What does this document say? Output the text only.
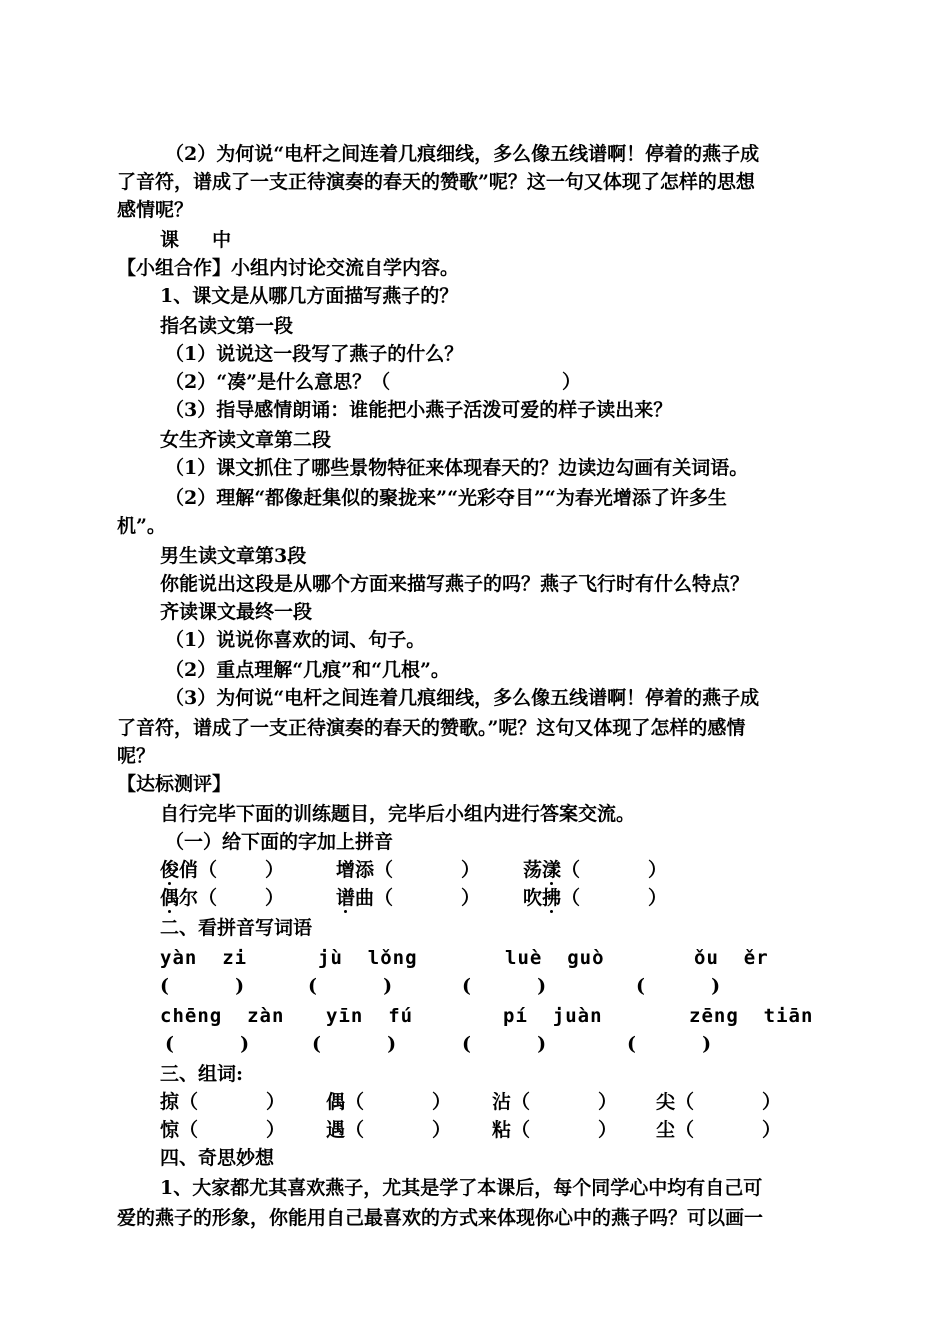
（2）为何说“电杆之间连着几痕细线，多么像五线谱啊！停着的燕子成
了音符，谱成了一支正待演奏的春天的赞歌”呢？这一句又体现了怎样的思想
感情呢？
课     中
【小组合作】小组内讨论交流自学内容。
1、课文是从哪几方面描写燕子的？
指名读文第一段
（1）说说这一段写了燕子的什么？
（2）“凑”是什么意思？（                          ）
（3）指导感情朗诵：谁能把小燕子活泼可爱的样子读出来？
女生齐读文章第二段
（1）课文抓住了哪些景物特征来体现春天的？边读边勾画有关词语。
（2）理解“都像赶集似的聚拢来”“光彩夺目”“为春光增添了许多生
机”。
男生读文章第3段
你能说出这段是从哪个方面来描写燕子的吗？燕子飞行时有什么特点？
齐读课文最终一段
（1）说说你喜欢的词、句子。
（2）重点理解“几痕”和“几根”。
（3）为何说“电杆之间连着几痕细线，多么像五线谱啊！停着的燕子成
了音符，谱成了一支正待演奏的春天的赞歌。”呢？这句又体现了怎样的感情
呢？
【达标测评】
自行完毕下面的训练题目，完毕后小组内进行答案交流。
（一）给下面的字加上拼音
俊俏（	）	增添（	） 荡漾（	）
偶尔（	）	谱曲（	） 吹拂（	）
二、看拼音写词语
yàn  zi	jù  lǒng	luè  guò	ǒu  ěr
(          )	(          )	(          )	(          )
chēng  zàn yīn  fú	pí  juàn	zēng  tiān
(          )	(          )	(          )	(          )
三、组词:
掠（	） 偶（	） 沾（	） 尖（	）
惊（	） 遇（	） 粘（	） 尘（	）
四、奇思妙想
1、大家都尤其喜欢燕子，尤其是学了本课后，每个同学心中均有自己可
爱的燕子的形象，你能用自己最喜欢的方式来体现你心中的燕子吗？可以画一
